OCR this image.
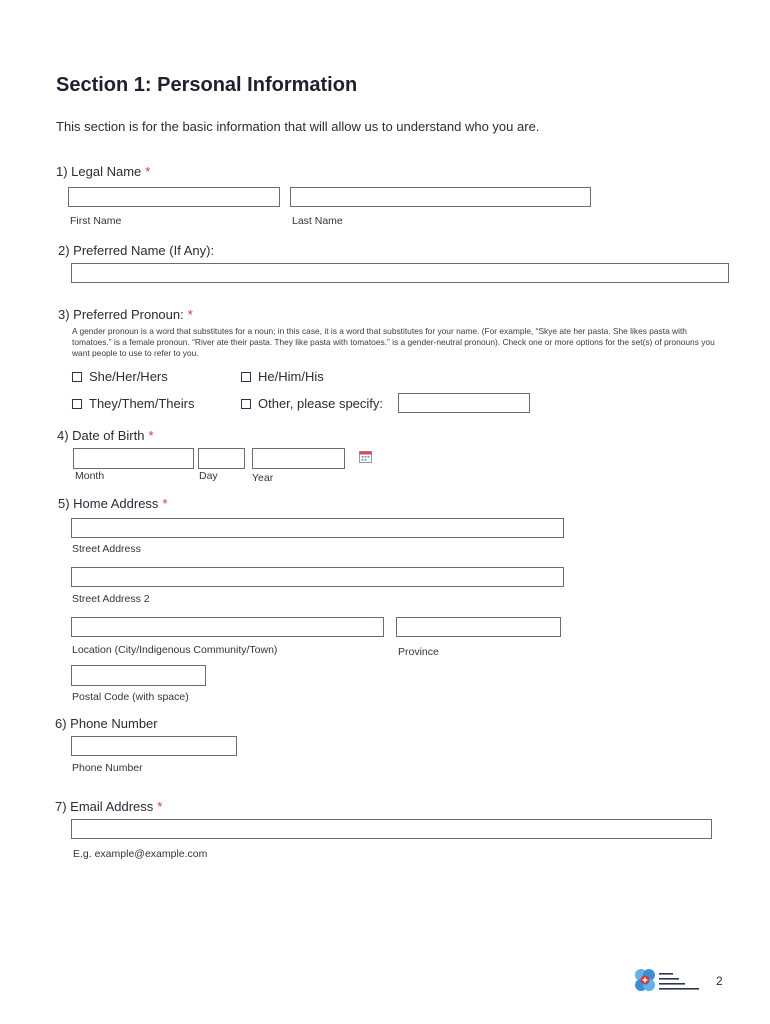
Section 1: Personal Information
This section is for the basic information that will allow us to understand who you are.
1) Legal Name *
First Name	Last Name
2) Preferred Name (If Any):
3) Preferred Pronoun: *
A gender pronoun is a word that substitutes for a noun; in this case, it is a word that substitutes for your name. (For example, “Skye ate her pasta. She likes pasta with tomatoes.” is a female pronoun. “River ate their pasta. They like pasta with tomatoes.” is a gender-neutral pronoun). Check one or more options for the set(s) of pronouns you want people to use to refer to you.
She/Her/Hers	He/Him/His
They/Them/Theirs	Other, please specify:
4) Date of Birth *
Month	Day	Year
5) Home Address *
Street Address
Street Address 2
Location (City/Indigenous Community/Town)	Province
Postal Code (with space)
6) Phone Number
Phone Number
7) Email Address *
E.g. example@example.com
2
